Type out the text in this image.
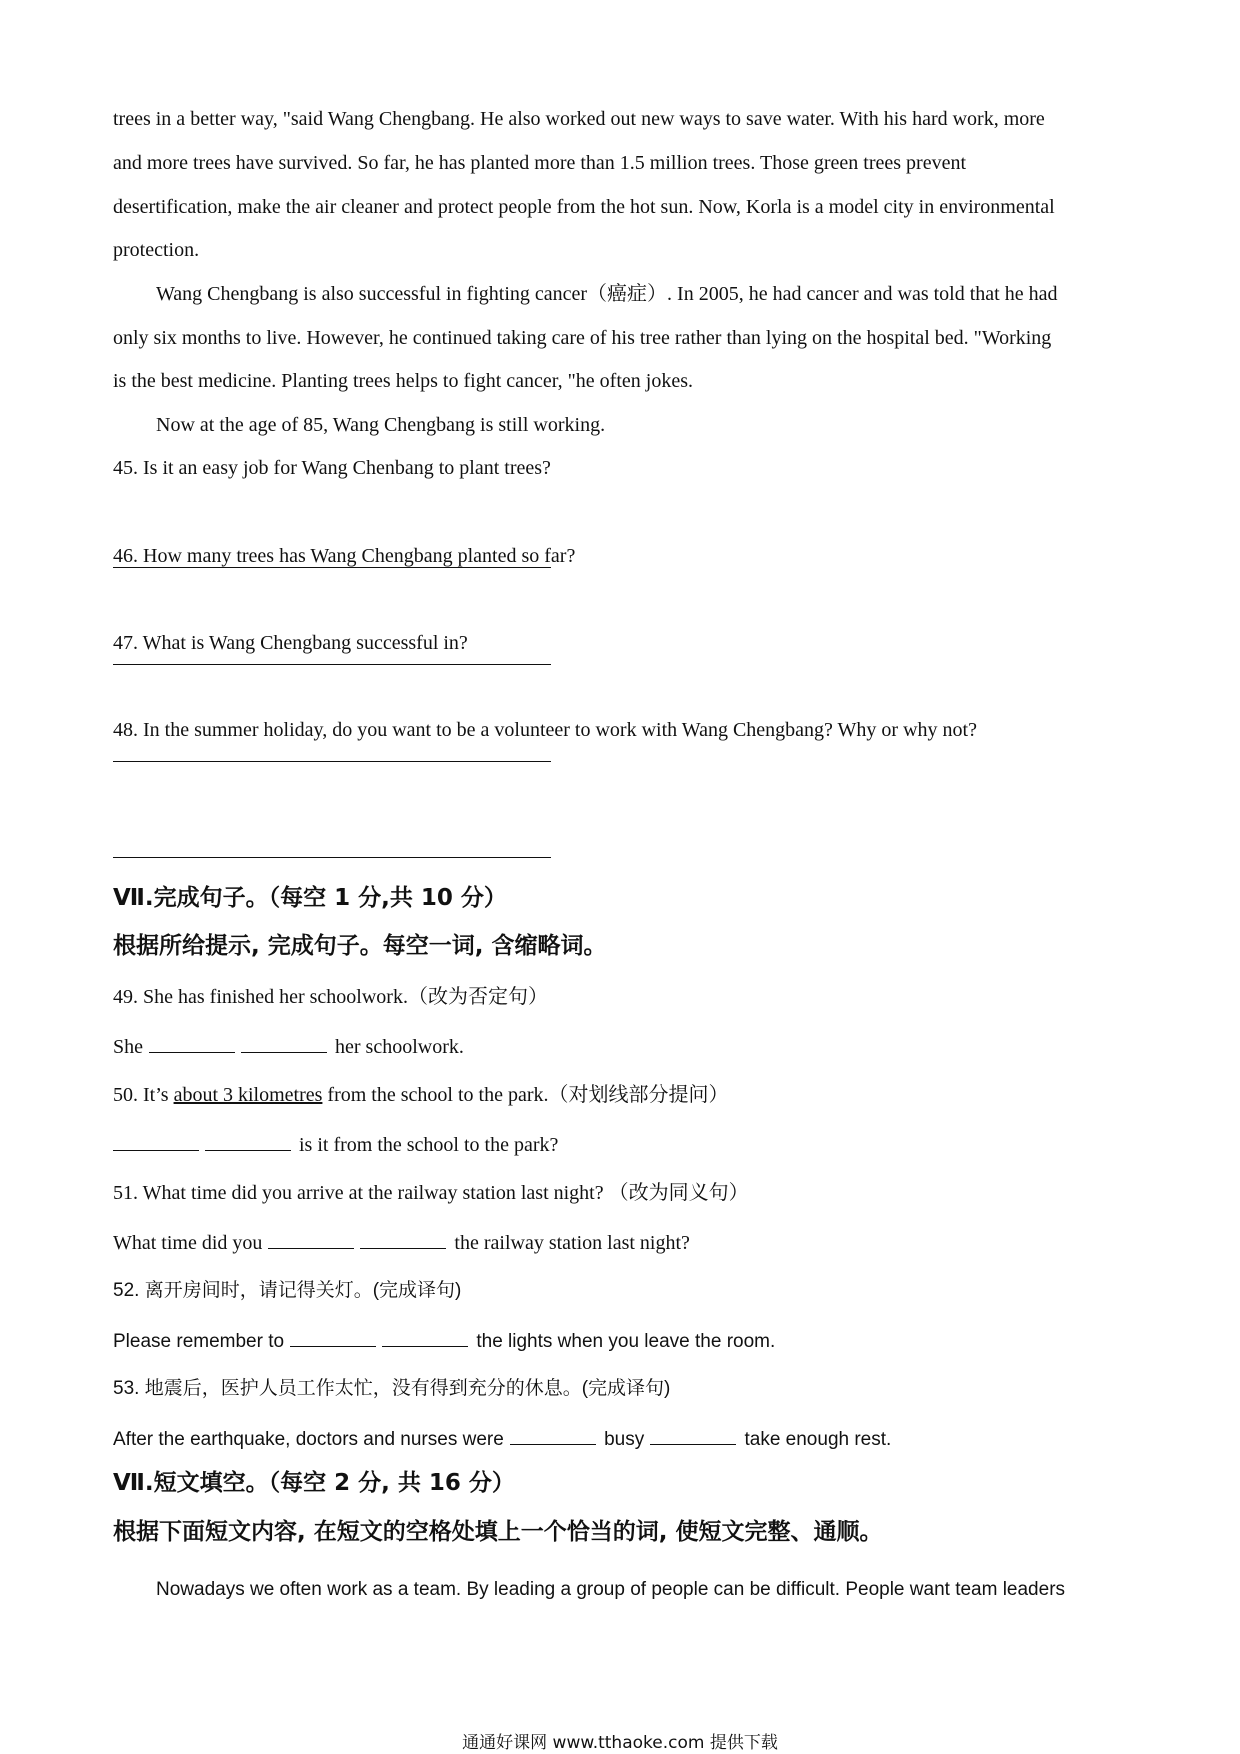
trees in a better way, "said Wang Chengbang. He also worked out new ways to save water. With his hard work, more
and more trees have survived. So far, he has planted more than 1.5 million trees. Those green trees prevent
desertification, make the air cleaner and protect people from the hot sun. Now, Korla is a model city in environmental
protection.
Wang Chengbang is also successful in fighting cancer（癌症）. In 2005, he had cancer and was told that he had
only six months to live. However, he continued taking care of his tree rather than lying on the hospital bed. "Working
is the best medicine. Planting trees helps to fight cancer, "he often jokes.
Now at the age of 85, Wang Chengbang is still working.
45. Is it an easy job for Wang Chenbang to plant trees?
46. How many trees has Wang Chengbang planted so far?
47. What is Wang Chengbang successful in?
48. In the summer holiday, do you want to be a volunteer to work with Wang Chengbang? Why or why not?
Ⅶ.完成句子。（每空 1 分,共 10 分）
根据所给提示, 完成句子。每空一词, 含缩略词。
49. She has finished her schoolwork.（改为否定句）
She	her schoolwork.
50. It’s about 3 kilometres from the school to the park.（对划线部分提问）
is it from the school to the park?
51. What time did you arrive at the railway station last night? （改为同义句）
What time did you	the railway station last night?
52. 离开房间时，请记得关灯。(完成译句)
Please remember to	the lights when you leave the room.
53. 地震后，医护人员工作太忙，没有得到充分的休息。(完成译句)
After the earthquake, doctors and nurses were	busy	take enough rest.
Ⅶ.短文填空。（每空 2 分, 共 16 分）
根据下面短文内容, 在短文的空格处填上一个恰当的词, 使短文完整、通顺。
Nowadays we often work as a team. By leading a group of people can be difficult. People want team leaders
通通好课网 www.tthaoke.com 提供下载
